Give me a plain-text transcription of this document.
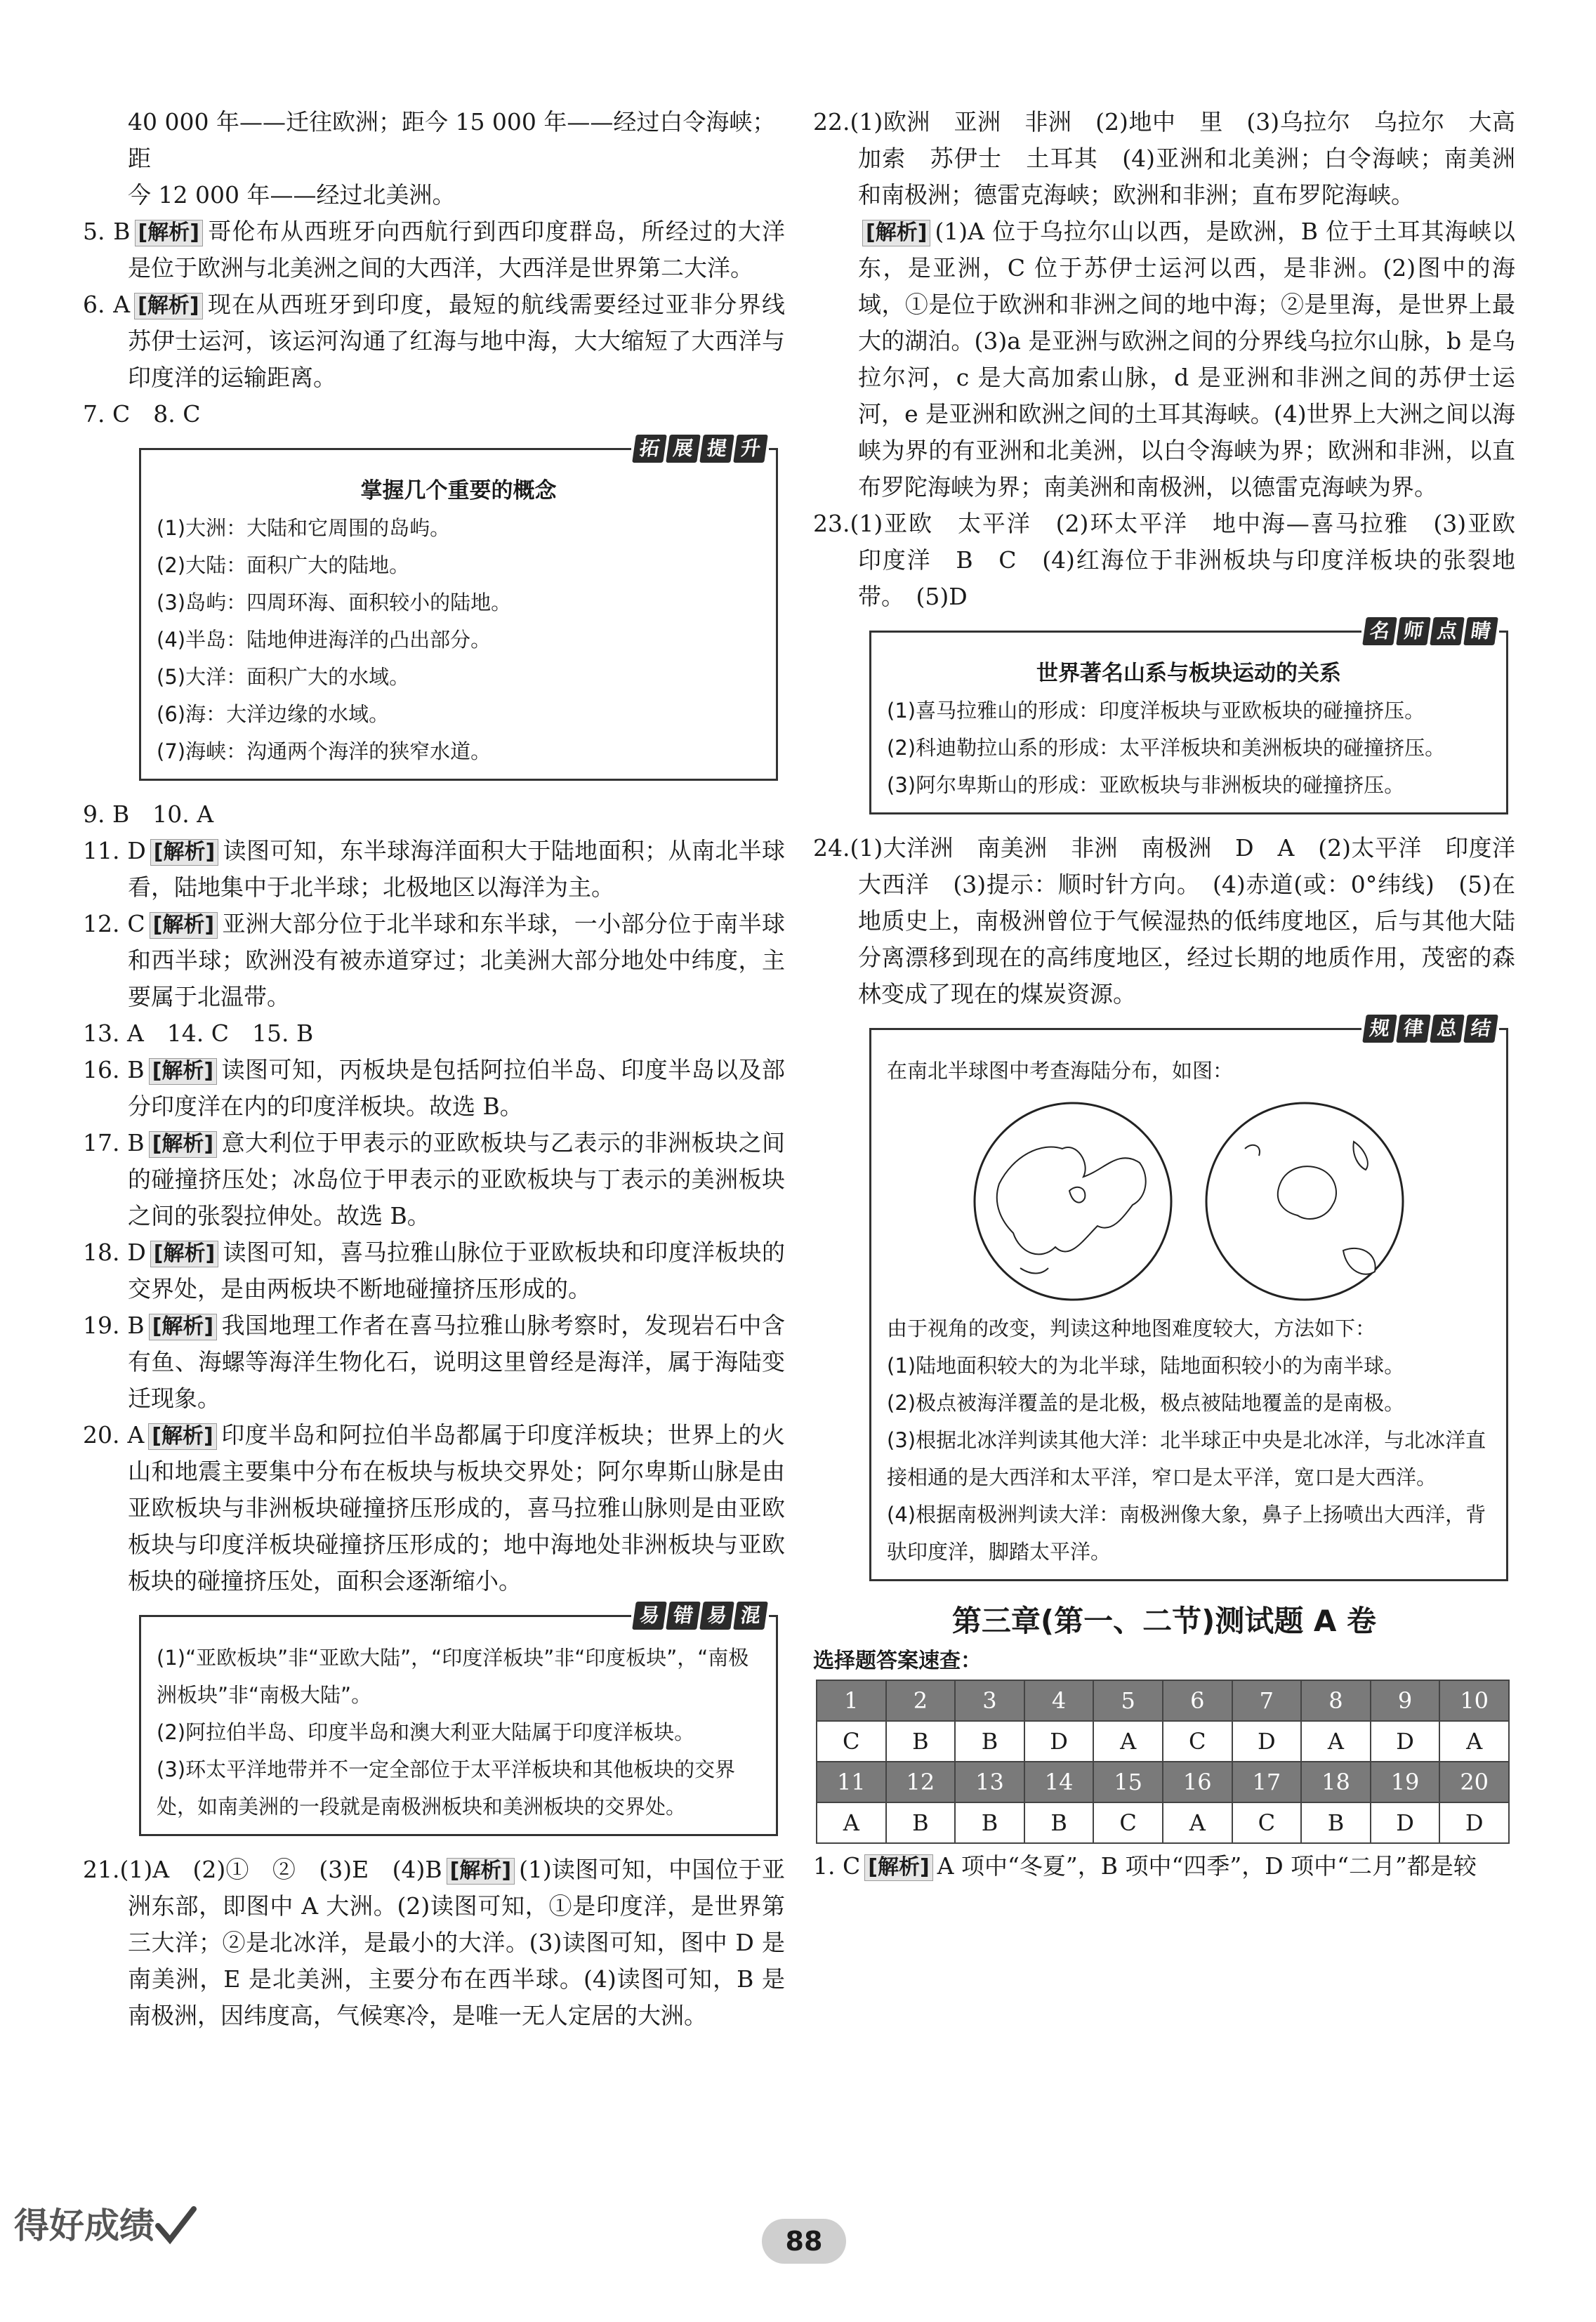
40 000 年——迁往欧洲；距今 15 000 年——经过白令海峡；距
今 12 000 年——经过北美洲。
5. B [解析] 哥伦布从西班牙向西航行到西印度群岛，所经过的大洋是位于欧洲与北美洲之间的大西洋，大西洋是世界第二大洋。
6. A [解析] 现在从西班牙到印度，最短的航线需要经过亚非分界线苏伊士运河，该运河沟通了红海与地中海，大大缩短了大西洋与印度洋的运输距离。
7. C　8. C
拓 展 提 升
掌握几个重要的概念
(1)大洲：大陆和它周围的岛屿。
(2)大陆：面积广大的陆地。
(3)岛屿：四周环海、面积较小的陆地。
(4)半岛：陆地伸进海洋的凸出部分。
(5)大洋：面积广大的水域。
(6)海：大洋边缘的水域。
(7)海峡：沟通两个海洋的狭窄水道。
9. B　10. A
11. D [解析] 读图可知，东半球海洋面积大于陆地面积；从南北半球看，陆地集中于北半球；北极地区以海洋为主。
12. C [解析] 亚洲大部分位于北半球和东半球，一小部分位于南半球和西半球；欧洲没有被赤道穿过；北美洲大部分地处中纬度，主要属于北温带。
13. A　14. C　15. B
16. B [解析] 读图可知，丙板块是包括阿拉伯半岛、印度半岛以及部分印度洋在内的印度洋板块。故选 B。
17. B [解析] 意大利位于甲表示的亚欧板块与乙表示的非洲板块之间的碰撞挤压处；冰岛位于甲表示的亚欧板块与丁表示的美洲板块之间的张裂拉伸处。故选 B。
18. D [解析] 读图可知，喜马拉雅山脉位于亚欧板块和印度洋板块的交界处，是由两板块不断地碰撞挤压形成的。
19. B [解析] 我国地理工作者在喜马拉雅山脉考察时，发现岩石中含有鱼、海螺等海洋生物化石，说明这里曾经是海洋，属于海陆变迁现象。
20. A [解析] 印度半岛和阿拉伯半岛都属于印度洋板块；世界上的火山和地震主要集中分布在板块与板块交界处；阿尔卑斯山脉是由亚欧板块与非洲板块碰撞挤压形成的，喜马拉雅山脉则是由亚欧板块与印度洋板块碰撞挤压形成的；地中海地处非洲板块与亚欧板块的碰撞挤压处，面积会逐渐缩小。
易 错 易 混
(1)“亚欧板块”非“亚欧大陆”，“印度洋板块”非“印度板块”，“南极洲板块”非“南极大陆”。
(2)阿拉伯半岛、印度半岛和澳大利亚大陆属于印度洋板块。
(3)环太平洋地带并不一定全部位于太平洋板块和其他板块的交界处，如南美洲的一段就是南极洲板块和美洲板块的交界处。
21.(1)A　(2)①　②　(3)E　(4)B [解析] (1)读图可知，中国位于亚洲东部，即图中 A 大洲。(2)读图可知，①是印度洋，是世界第三大洋；②是北冰洋，是最小的大洋。(3)读图可知，图中 D 是南美洲，E 是北美洲，主要分布在西半球。(4)读图可知，B 是南极洲，因纬度高，气候寒冷，是唯一无人定居的大洲。
22.(1)欧洲　亚洲　非洲　(2)地中　里　(3)乌拉尔　乌拉尔　大高加索　苏伊士　土耳其　(4)亚洲和北美洲；白令海峡；南美洲和南极洲；德雷克海峡；欧洲和非洲；直布罗陀海峡。
[解析] (1)A 位于乌拉尔山以西，是欧洲，B 位于土耳其海峡以东，是亚洲，C 位于苏伊士运河以西，是非洲。(2)图中的海域，①是位于欧洲和非洲之间的地中海；②是里海，是世界上最大的湖泊。(3)a 是亚洲与欧洲之间的分界线乌拉尔山脉，b 是乌拉尔河，c 是大高加索山脉，d 是亚洲和非洲之间的苏伊士运河，e 是亚洲和欧洲之间的土耳其海峡。(4)世界上大洲之间以海峡为界的有亚洲和北美洲，以白令海峡为界；欧洲和非洲，以直布罗陀海峡为界；南美洲和南极洲，以德雷克海峡为界。
23.(1)亚欧　太平洋　(2)环太平洋　地中海—喜马拉雅　(3)亚欧　印度洋　B　C　(4)红海位于非洲板块与印度洋板块的张裂地带。　(5)D
名 师 点 睛
世界著名山系与板块运动的关系
(1)喜马拉雅山的形成：印度洋板块与亚欧板块的碰撞挤压。
(2)科迪勒拉山系的形成：太平洋板块和美洲板块的碰撞挤压。
(3)阿尔卑斯山的形成：亚欧板块与非洲板块的碰撞挤压。
24.(1)大洋洲　南美洲　非洲　南极洲　D　A　(2)太平洋　印度洋　大西洋　(3)提示：顺时针方向。　(4)赤道(或：0°纬线)　(5)在地质史上，南极洲曾位于气候湿热的低纬度地区，后与其他大陆分离漂移到现在的高纬度地区，经过长期的地质作用，茂密的森林变成了现在的煤炭资源。
规 律 总 结
在南北半球图中考查海陆分布，如图：
由于视角的改变，判读这种地图难度较大，方法如下：
(1)陆地面积较大的为北半球，陆地面积较小的为南半球。
(2)极点被海洋覆盖的是北极，极点被陆地覆盖的是南极。
(3)根据北冰洋判读其他大洋：北半球正中央是北冰洋，与北冰洋直接相通的是大西洋和太平洋，窄口是太平洋，宽口是大西洋。
(4)根据南极洲判读大洋：南极洲像大象，鼻子上扬喷出大西洋，背驮印度洋，脚踏太平洋。
第三章(第一、二节)测试题 A 卷
选择题答案速查：
1	2	3	4	5	6	7	8	9	10
C	B	B	D	A	C	D	A	D	A
11	12	13	14	15	16	17	18	19	20
A	B	B	B	C	A	C	B	D	D
1. C [解析] A 项中“冬夏”，B 项中“四季”，D 项中“二月”都是较
得好成绩	88
